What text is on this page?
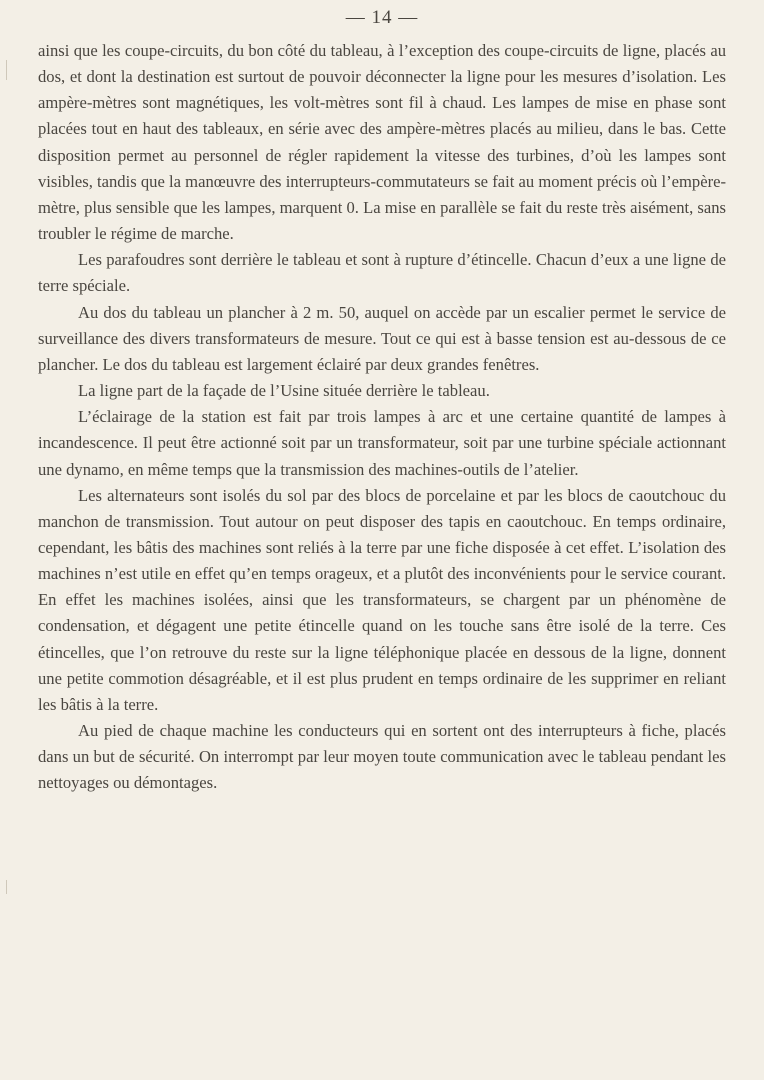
— 14 —

ainsi que les coupe-circuits, du bon côté du tableau, à l’exception des coupe-circuits de ligne, placés au dos, et dont la destination est surtout de pouvoir déconnecter la ligne pour les mesures d’isolation. Les ampère-mètres sont magnétiques, les volt-mètres sont fil à chaud. Les lampes de mise en phase sont placées tout en haut des tableaux, en série avec des ampère-mètres placés au milieu, dans le bas. Cette disposition permet au personnel de régler rapidement la vitesse des turbines, d’où les lampes sont visibles, tandis que la manœuvre des interrupteurs-commutateurs se fait au moment précis où l’empère-mètre, plus sensible que les lampes, marquent 0. La mise en parallèle se fait du reste très aisément, sans troubler le régime de marche.

Les parafoudres sont derrière le tableau et sont à rupture d’étincelle. Chacun d’eux a une ligne de terre spéciale.

Au dos du tableau un plancher à 2 m. 50, auquel on accède par un escalier permet le service de surveillance des divers transformateurs de mesure. Tout ce qui est à basse tension est au-dessous de ce plancher. Le dos du tableau est largement éclairé par deux grandes fenêtres.

La ligne part de la façade de l’Usine située derrière le tableau.

L’éclairage de la station est fait par trois lampes à arc et une certaine quantité de lampes à incandescence. Il peut être actionné soit par un transformateur, soit par une turbine spéciale actionnant une dynamo, en même temps que la transmission des machines-outils de l’atelier.

Les alternateurs sont isolés du sol par des blocs de porcelaine et par les blocs de caoutchouc du manchon de transmission. Tout autour on peut disposer des tapis en caoutchouc. En temps ordinaire, cependant, les bâtis des machines sont reliés à la terre par une fiche disposée à cet effet. L’isolation des machines n’est utile en effet qu’en temps orageux, et a plutôt des inconvénients pour le service courant. En effet les machines isolées, ainsi que les transformateurs, se chargent par un phénomène de condensation, et dégagent une petite étincelle quand on les touche sans être isolé de la terre. Ces étincelles, que l’on retrouve du reste sur la ligne téléphonique placée en dessous de la ligne, donnent une petite commotion désagréable, et il est plus prudent en temps ordinaire de les supprimer en reliant les bâtis à la terre.

Au pied de chaque machine les conducteurs qui en sortent ont des interrupteurs à fiche, placés dans un but de sécurité. On interrompt par leur moyen toute communication avec le tableau pendant les nettoyages ou démontages.
